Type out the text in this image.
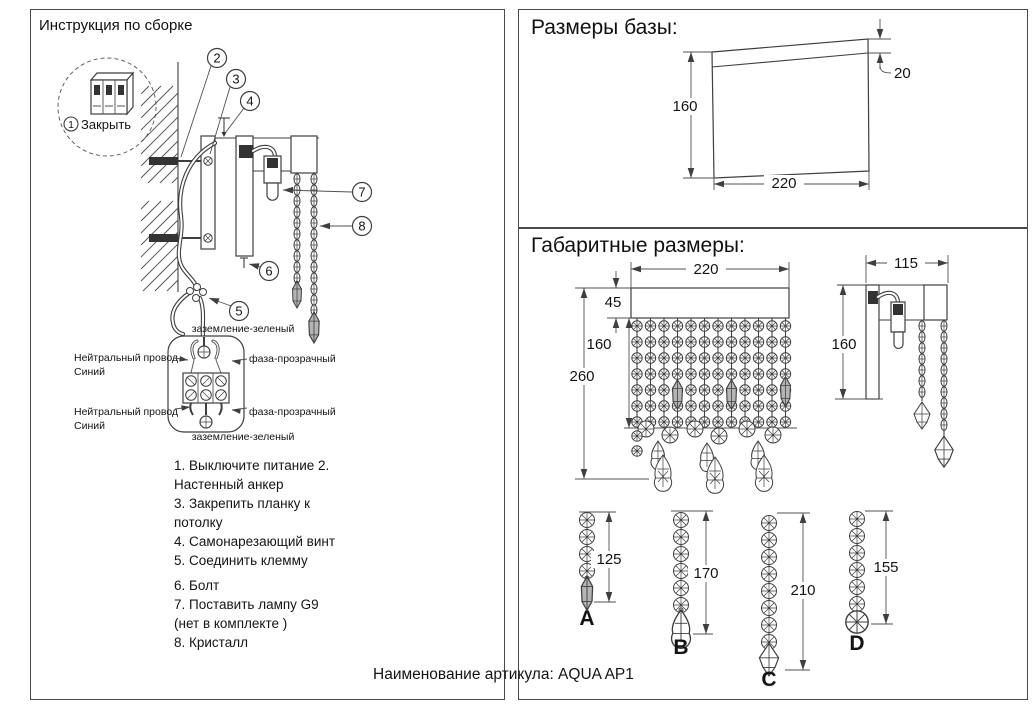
Инструкция по сборке
1 Закрыть
2
3
4
7
8
6
5
заземление-зеленый
Нейтральный провод
Синий
фаза-прозрачный
Нейтральный провод
Синий
фаза-прозрачный
заземление-зеленый
1. Выключите питание 2.
Настенный анкер
3. Закрепить планку к
потолку
4. Самонарезающий винт
5. Соединить клемму
6. Болт
7. Поставить лампу G9
(нет в комплекте )
8. Кристалл
Размеры базы:
160
20
220
Габаритные размеры:
220
45
160
260
115
160
A
125
B
170
C
210
D
155
Наименование артикула: AQUA AP1
